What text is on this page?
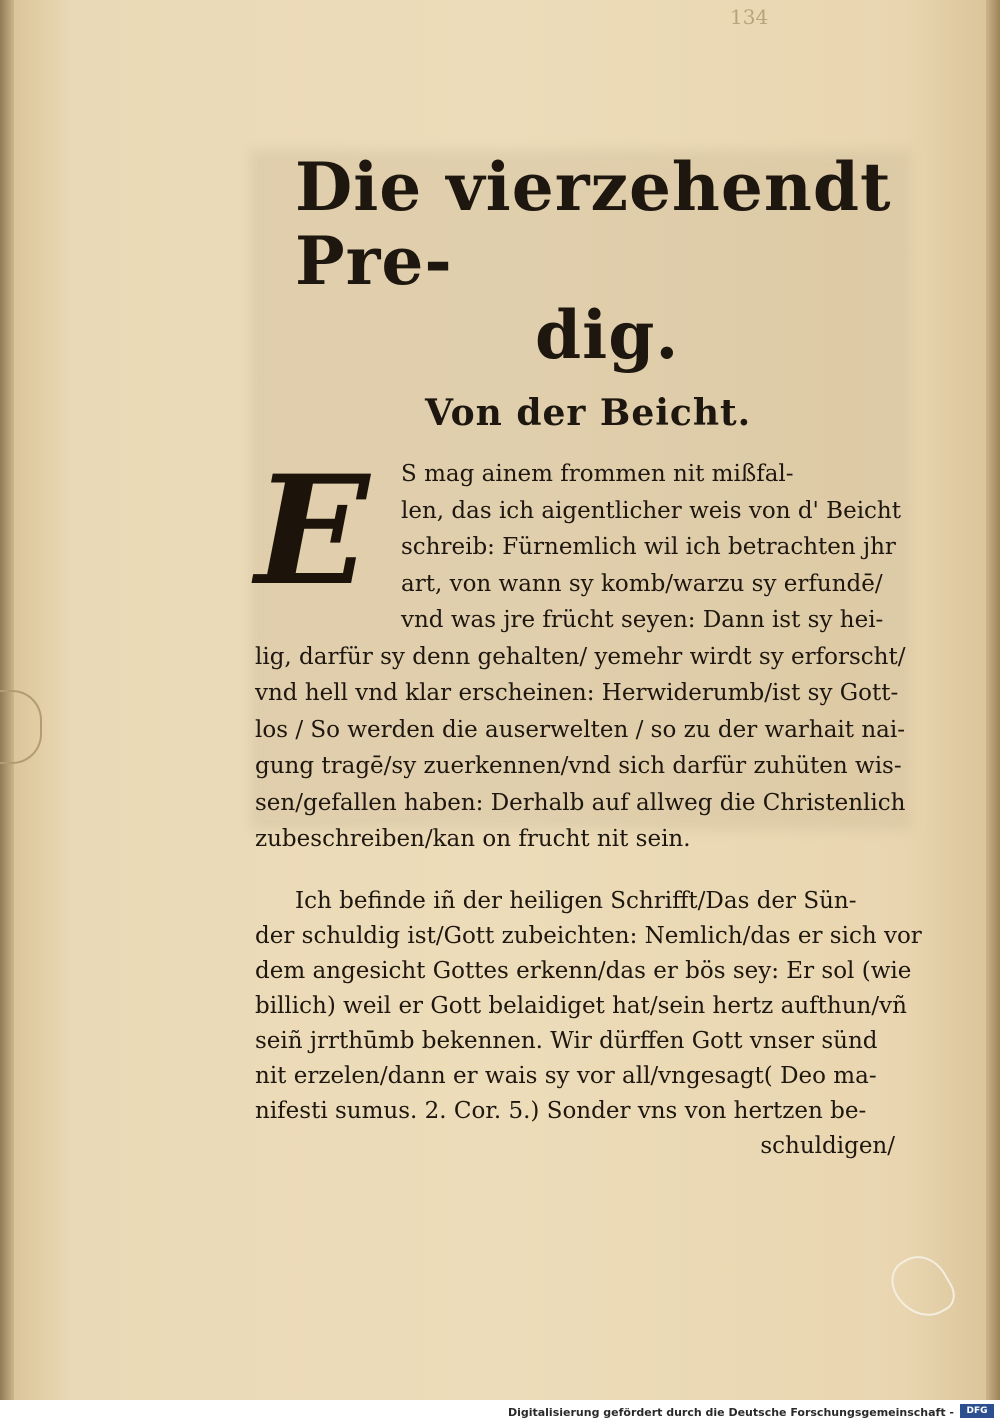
134
Die vierzehendt Pre-
dig.
Von der Beicht.
E	S mag ainem frommen nit mißfal-
len, das ich aigentlicher weis von d' Beicht
schreib: Fürnemlich wil ich betrachten jhr
art, von wann sy komb/warzu sy erfundē/
vnd was jre frücht seyen: Dann ist sy hei-
lig, darfür sy denn gehalten/ yemehr wirdt sy erforscht/
vnd hell vnd klar erscheinen: Herwiderumb/ist sy Gott-
los / So werden die auserwelten / so zu der warhait nai-
gung tragē/sy zuerkennen/vnd sich darfür zuhüten wis-
sen/gefallen haben: Derhalb auf allweg die Christenlich
zubeschreiben/kan on frucht nit sein.
Ich befinde iñ der heiligen Schrifft/Das der Sün-
der schuldig ist/Gott zubeichten: Nemlich/das er sich vor
dem angesicht Gottes erkenn/das er bös sey: Er sol (wie
billich) weil er Gott belaidiget hat/sein hertz aufthun/vñ
seiñ jrrthūmb bekennen. Wir dürffen Gott vnser sünd
nit erzelen/dann er wais sy vor all/vngesagt( Deo ma-
nifesti sumus. 2. Cor. 5.) Sonder vns von hertzen be-
schuldigen/
Digitalisierung gefördert durch die Deutsche Forschungsgemeinschaft -	DFG
